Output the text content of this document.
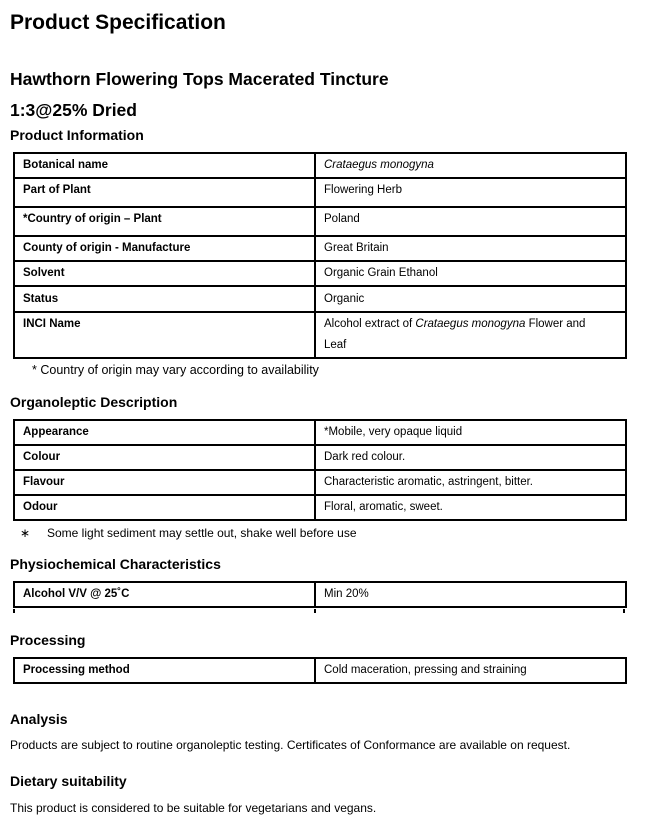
Product Specification
Hawthorn Flowering Tops Macerated Tincture
1:3@25% Dried
Product Information
Botanical name	Crataegus monogyna
Part of Plant	Flowering Herb
*Country of origin – Plant	Poland
County of origin - Manufacture	Great Britain
Solvent	Organic Grain Ethanol
Status	Organic
INCI Name	Alcohol extract of Crataegus monogyna Flower and
Leaf
* Country of origin may vary according to availability
Organoleptic Description
Appearance	*Mobile, very opaque liquid
Colour	Dark red colour.
Flavour	Characteristic aromatic, astringent, bitter.
Odour	Floral, aromatic, sweet.
∗ Some light sediment may settle out, shake well before use
Physiochemical Characteristics
Alcohol V/V @ 25˚C	Min 20%
Processing
Processing method	Cold maceration, pressing and straining
Analysis

Products are subject to routine organoleptic testing. Certificates of Conformance are available on request.

Dietary suitability

This product is considered to be suitable for vegetarians and vegans.
